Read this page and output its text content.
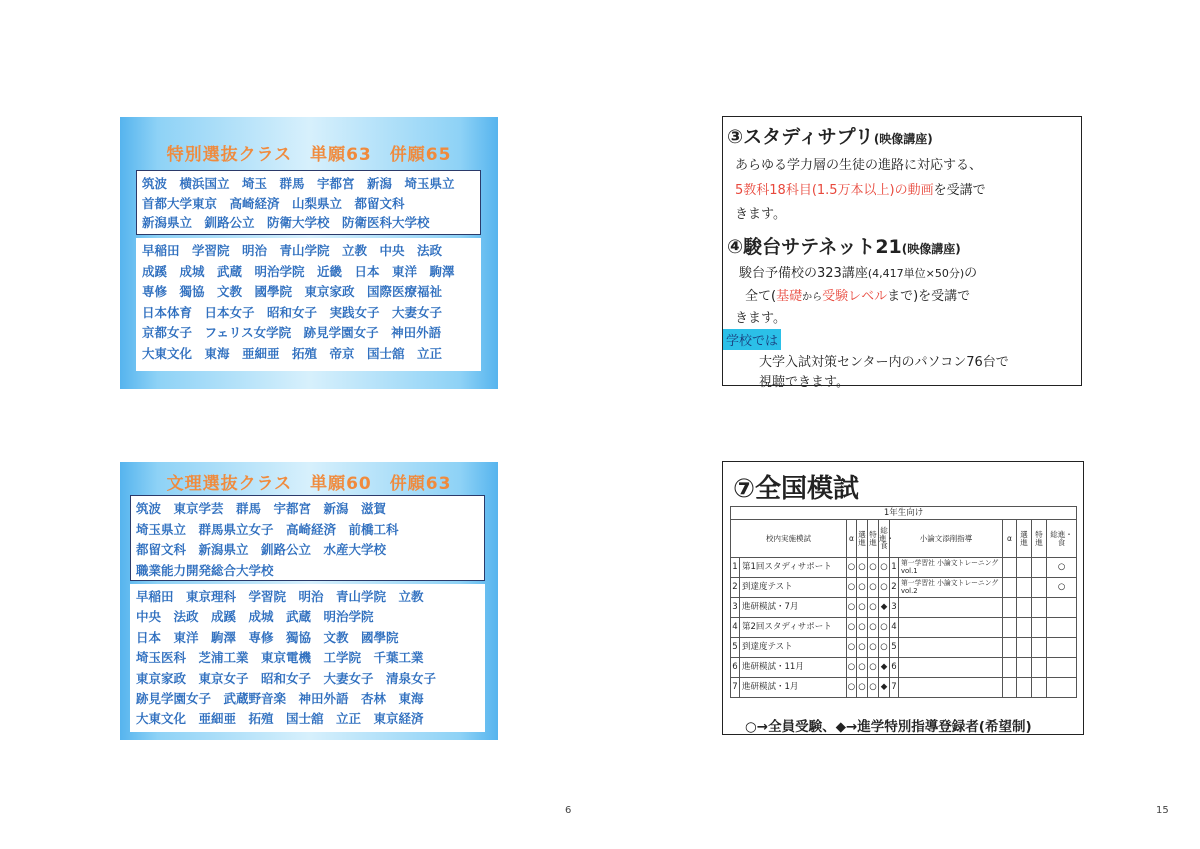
特別選抜クラス　単願63　併願65
筑波　横浜国立　埼玉　群馬　宇都宮　新潟　埼玉県立
首都大学東京　高崎経済　山梨県立　都留文科
新潟県立　釧路公立　防衛大学校　防衛医科大学校
早稲田　学習院　明治　青山学院　立教　中央　法政
成蹊　成城　武蔵　明治学院　近畿　日本　東洋　駒澤
専修　獨協　文教　國學院　東京家政　国際医療福祉
日本体育　日本女子　昭和女子　実践女子　大妻女子
京都女子　フェリス女学院　跡見学園女子　神田外語
大東文化　東海　亜細亜　拓殖　帝京　国士舘　立正
文理選抜クラス　単願60　併願63
筑波　東京学芸　群馬　宇都宮　新潟　滋賀
埼玉県立　群馬県立女子　高崎経済　前橋工科
都留文科　新潟県立　釧路公立　水産大学校
職業能力開発総合大学校
早稲田　東京理科　学習院　明治　青山学院　立教
中央　法政　成蹊　成城　武蔵　明治学院
日本　東洋　駒澤　専修　獨協　文教　國學院
埼玉医科　芝浦工業　東京電機　工学院　千葉工業
東京家政　東京女子　昭和女子　大妻女子　清泉女子
跡見学園女子　武蔵野音楽　神田外語　杏林　東海
大東文化　亜細亜　拓殖　国士舘　立正　東京経済
③スタディサプリ(映像講座)
あらゆる学力層の生徒の進路に対応する、
5教科18科目(1.5万本以上)の動画を受講で
きます。
④駿台サテネット21(映像講座)
駿台予備校の323講座(4,417単位×50分)の
全て(基礎から受験レベルまで)を受講で
きます。
学校では
大学入試対策センター内のパソコン76台で
視聴できます。
⑦全国模試
1年生向け											
校内実施模試		α	選進	特進	総進・食	小論文添削指導		α	選進	特進	総進・食
1	第1回スタディサポート	○	○	○	○	1	第一学習社 小論文トレーニング vol.1				○
2	到達度テスト	○	○	○	○	2	第一学習社 小論文トレーニング vol.2				○
3	進研模試・7月	○	○	○	◆	3					
4	第2回スタディサポート	○	○	○	○	4					
5	到達度テスト	○	○	○	○	5					
6	進研模試・11月	○	○	○	◆	6					
7	進研模試・1月	○	○	○	◆	7					
○→全員受験、◆→進学特別指導登録者(希望制)
6	15
